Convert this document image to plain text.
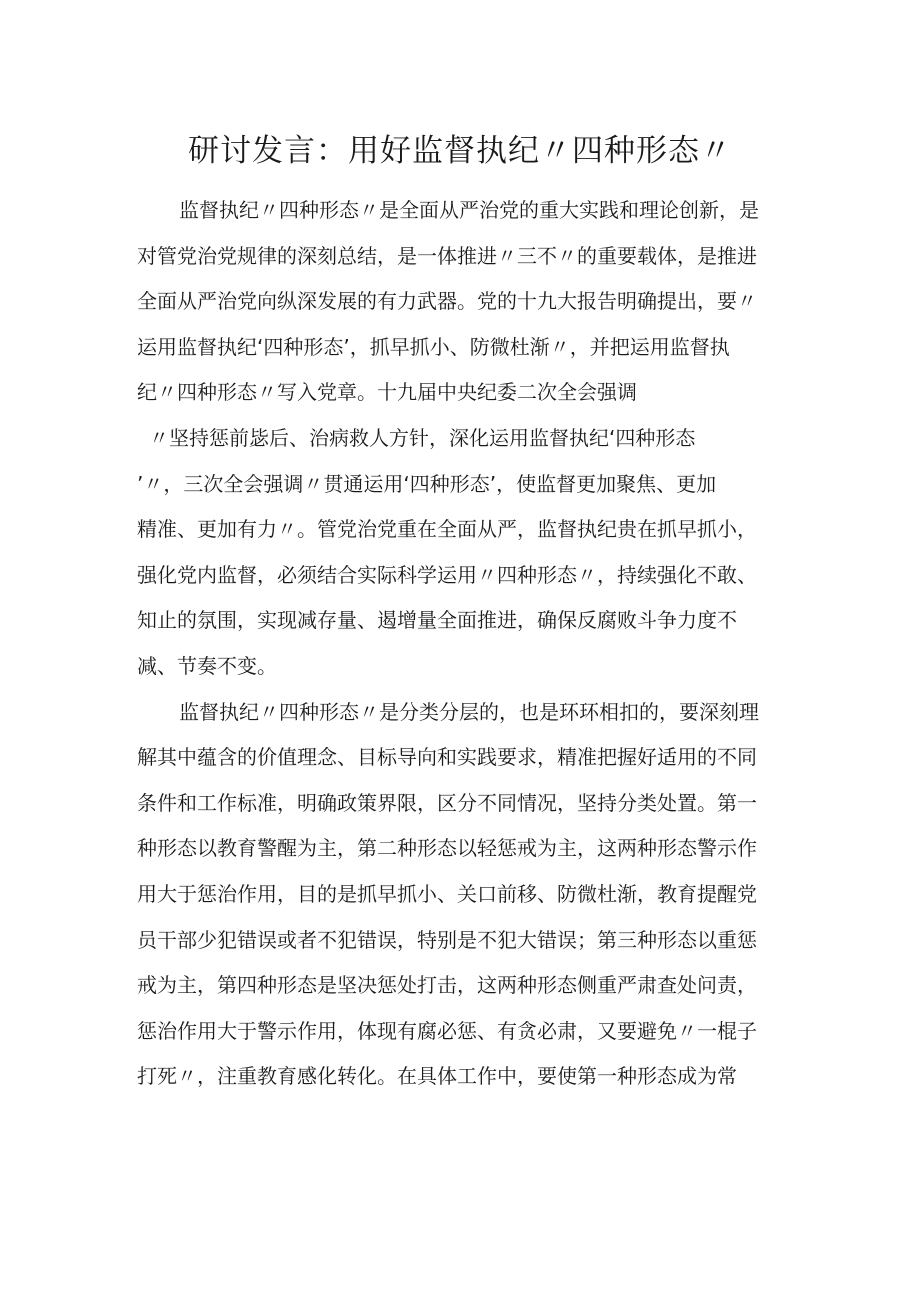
研讨发言：用好监督执纪〃四种形态〃
监督执纪〃四种形态〃是全面从严治党的重大实践和理论创新，是
对管党治党规律的深刻总结，是一体推进〃三不〃的重要载体，是推进
全面从严治党向纵深发展的有力武器。党的十九大报告明确提出，要〃
运用监督执纪‘四种形态’，抓早抓小、防微杜渐〃，并把运用监督执
纪〃四种形态〃写入党章。十九届中央纪委二次全会强调
〃坚持惩前毖后、治病救人方针，深化运用监督执纪‘四种形态
’〃，三次全会强调〃贯通运用‘四种形态’，使监督更加聚焦、更加
精准、更加有力〃。管党治党重在全面从严，监督执纪贵在抓早抓小，
强化党内监督，必须结合实际科学运用〃四种形态〃，持续强化不敢、
知止的氛围，实现减存量、遏增量全面推进，确保反腐败斗争力度不
减、节奏不变。
监督执纪〃四种形态〃是分类分层的，也是环环相扣的，要深刻理
解其中蕴含的价值理念、目标导向和实践要求，精准把握好适用的不同
条件和工作标准，明确政策界限，区分不同情况，坚持分类处置。第一
种形态以教育警醒为主，第二种形态以轻惩戒为主，这两种形态警示作
用大于惩治作用，目的是抓早抓小、关口前移、防微杜渐，教育提醒党
员干部少犯错误或者不犯错误，特别是不犯大错误；第三种形态以重惩
戒为主，第四种形态是坚决惩处打击，这两种形态侧重严肃查处问责，
惩治作用大于警示作用，体现有腐必惩、有贪必肃，又要避免〃一棍子
打死〃，注重教育感化转化。在具体工作中，要使第一种形态成为常
